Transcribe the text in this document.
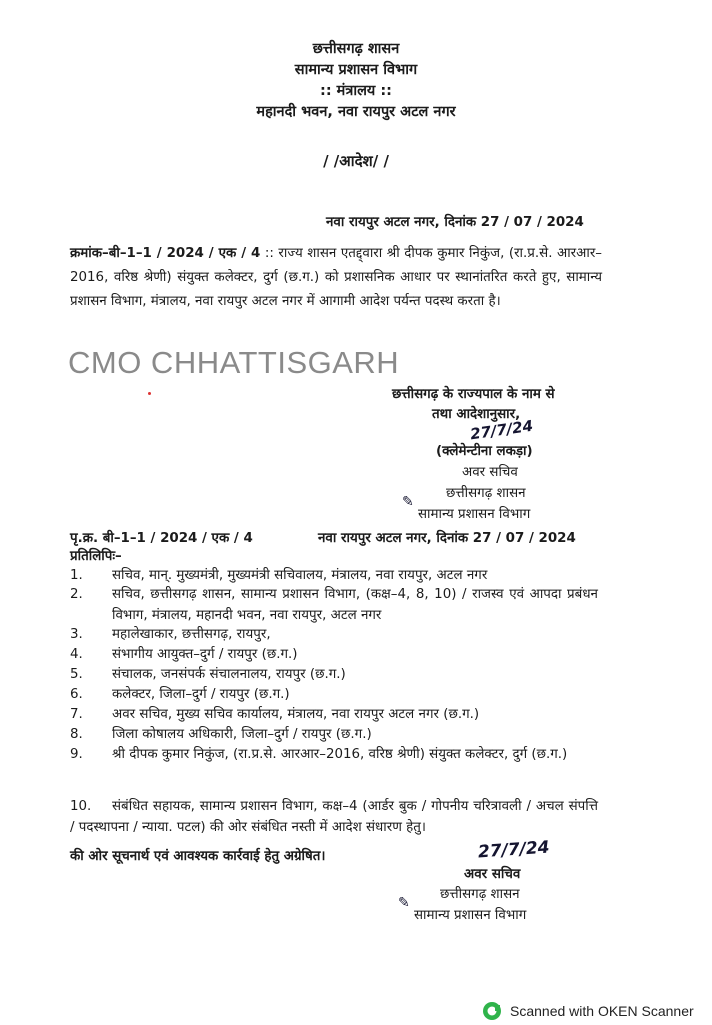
छत्तीसगढ़ शासन
सामान्य प्रशासन विभाग
:: मंत्रालय ::
महानदी भवन, नवा रायपुर अटल नगर
/ /आदेश/ /
नवा रायपुर अटल नगर, दिनांक 27 / 07 / 2024
क्रमांक–बी–1–1 / 2024 / एक / 4 :: राज्य शासन एतद्द्वारा श्री दीपक कुमार निकुंज, (रा.प्र.से. आरआर–2016, वरिष्ठ श्रेणी) संयुक्त कलेक्टर, दुर्ग (छ.ग.) को प्रशासनिक आधार पर स्थानांतरित करते हुए, सामान्य प्रशासन विभाग, मंत्रालय, नवा रायपुर अटल नगर में आगामी आदेश पर्यन्त पदस्थ करता है।
CMO CHHATTISGARH
छत्तीसगढ़ के राज्यपाल के नाम से
तथा आदेशानुसार,
27/7/24
(क्लेमेन्टीना लकड़ा)
अवर सचिव
छत्तीसगढ़ शासन
सामान्य प्रशासन विभाग
✎
पृ.क्र. बी–1–1 / 2024 / एक / 4	नवा रायपुर अटल नगर, दिनांक 27 / 07 / 2024
प्रतिलिपिः–
1.	सचिव, मान्. मुख्यमंत्री, मुख्यमंत्री सचिवालय, मंत्रालय, नवा रायपुर, अटल नगर
2.	सचिव, छत्तीसगढ़ शासन, सामान्य प्रशासन विभाग, (कक्ष–4, 8, 10) / राजस्व एवं आपदा प्रबंधन विभाग, मंत्रालय, महानदी भवन, नवा रायपुर, अटल नगर
3.	महालेखाकार, छत्तीसगढ़, रायपुर,
4.	संभागीय आयुक्त–दुर्ग / रायपुर (छ.ग.)
5.	संचालक, जनसंपर्क संचालनालय, रायपुर (छ.ग.)
6.	कलेक्टर, जिला–दुर्ग / रायपुर (छ.ग.)
7.	अवर सचिव, मुख्य सचिव कार्यालय, मंत्रालय, नवा रायपुर अटल नगर (छ.ग.)
8.	जिला कोषालय अधिकारी, जिला–दुर्ग / रायपुर (छ.ग.)
9.	श्री दीपक कुमार निकुंज, (रा.प्र.से. आरआर–2016, वरिष्ठ श्रेणी) संयुक्त कलेक्टर, दुर्ग (छ.ग.)
10.	संबंधित सहायक, सामान्य प्रशासन विभाग, कक्ष–4 (आर्डर बुक / गोपनीय चरित्रावली / अचल संपत्ति / पदस्थापना / न्याया. पटल) की ओर संबंधित नस्ती में आदेश संधारण हेतु।
की ओर सूचनार्थ एवं आवश्यक कार्रवाई हेतु अग्रेषित।	27/7/24
अवर सचिव
छत्तीसगढ़ शासन
सामान्य प्रशासन विभाग
✎
Scanned with OKEN Scanner
